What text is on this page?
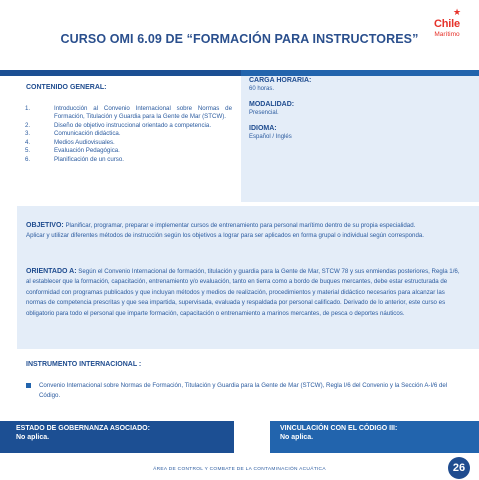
★
Chile
Marítimo
CURSO OMI 6.09 DE “FORMACIÓN PARA INSTRUCTORES”
CONTENIDO GENERAL:
1.	Introducción al Convenio Internacional sobre Normas de Formación, Titulación y Guardia para la Gente de Mar (STCW).
2.	Diseño de objetivo instruccional orientado a competencia.
3.	Comunicación didáctica.
4.	Medios Audiovisuales.
5.	Evaluación Pedagógica.
6.	Planificación de un curso.
CARGA HORARIA:
60 horas.
MODALIDAD:
Presencial.
IDIOMA:
Español / Inglés
OBJETIVO: Planificar, programar, preparar e implementar cursos de entrenamiento para personal marítimo dentro de su propia especialidad.
Aplicar y utilizar diferentes métodos de instrucción según los objetivos a lograr para ser aplicados en forma grupal o individual según corresponda.
ORIENTADO A: Según el Convenio Internacional de formación, titulación y guardia para la Gente de Mar, STCW 78 y sus enmiendas posteriores, Regla 1/6, al establecer que la formación, capacitación, entrenamiento y/o evaluación, tanto en tierra como a bordo de buques mercantes, debe estar estructurada de conformidad con programas publicados y que incluyan métodos y medios de realización, procedimientos y material didáctico necesarios para alcanzar las normas de competencia prescritas y que sea impartida, supervisada, evaluada y respaldada por personal calificado. Derivado de lo anterior, este curso es obligatorio para todo el personal que imparte formación, capacitación o entrenamiento a marinos mercantes, de pesca o deportes náuticos.
INSTRUMENTO INTERNACIONAL :
Convenio Internacional sobre Normas de Formación, Titulación y Guardia para la Gente de Mar (STCW), Regla I/6 del Convenio y la Sección A-I/6 del Código.
ESTADO DE GOBERNANZA ASOCIADO:
No aplica.
VINCULACIÓN CON EL CÓDIGO III:
No aplica.
ÁREA DE CONTROL Y COMBATE DE LA CONTAMINACIÓN ACUÁTICA	26
